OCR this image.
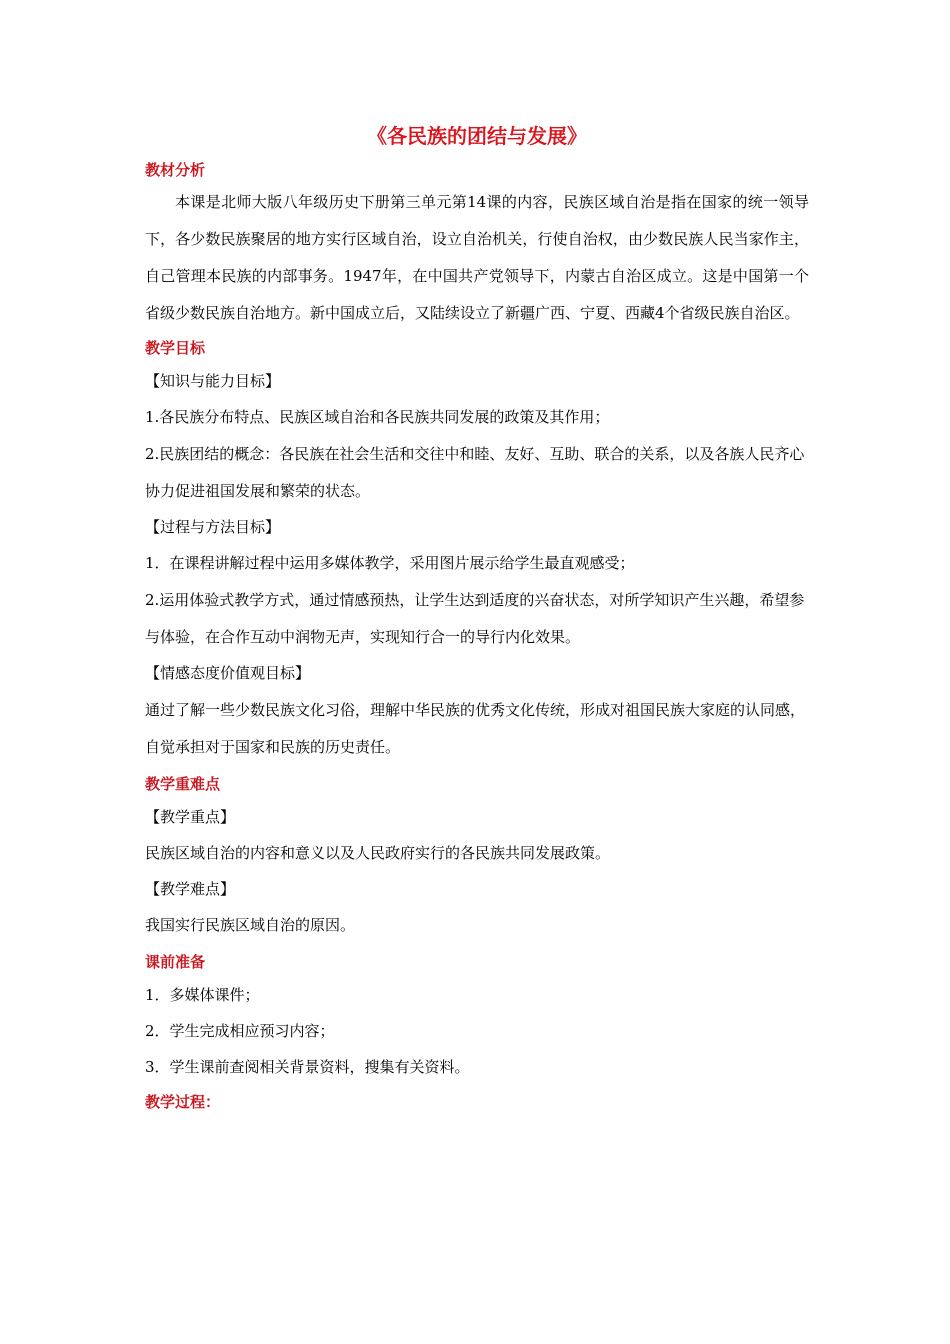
《各民族的团结与发展》
教材分析

本课是北师大版八年级历史下册第三单元第14课的内容，民族区域自治是指在国家的统一领导下，各少数民族聚居的地方实行区域自治，设立自治机关，行使自治权，由少数民族人民当家作主，自己管理本民族的内部事务。1947年，在中国共产党领导下，内蒙古自治区成立。这是中国第一个省级少数民族自治地方。新中国成立后，又陆续设立了新疆广西、宁夏、西藏4个省级民族自治区。

教学目标
【知识与能力目标】
1.各民族分布特点、民族区域自治和各民族共同发展的政策及其作用；

2.民族团结的概念：各民族在社会生活和交往中和睦、友好、互助、联合的关系，以及各族人民齐心协力促进祖国发展和繁荣的状态。

【过程与方法目标】
1．在课程讲解过程中运用多媒体教学，采用图片展示给学生最直观感受；

2.运用体验式教学方式，通过情感预热，让学生达到适度的兴奋状态，对所学知识产生兴趣，希望参与体验，在合作互动中润物无声，实现知行合一的导行内化效果。

【情感态度价值观目标】

通过了解一些少数民族文化习俗，理解中华民族的优秀文化传统，形成对祖国民族大家庭的认同感，自觉承担对于国家和民族的历史责任。

教学重难点
【教学重点】
民族区域自治的内容和意义以及人民政府实行的各民族共同发展政策。
【教学难点】
我国实行民族区域自治的原因。
课前准备
1．多媒体课件；
2．学生完成相应预习内容；
3．学生课前查阅相关背景资料，搜集有关资料。
教学过程：
